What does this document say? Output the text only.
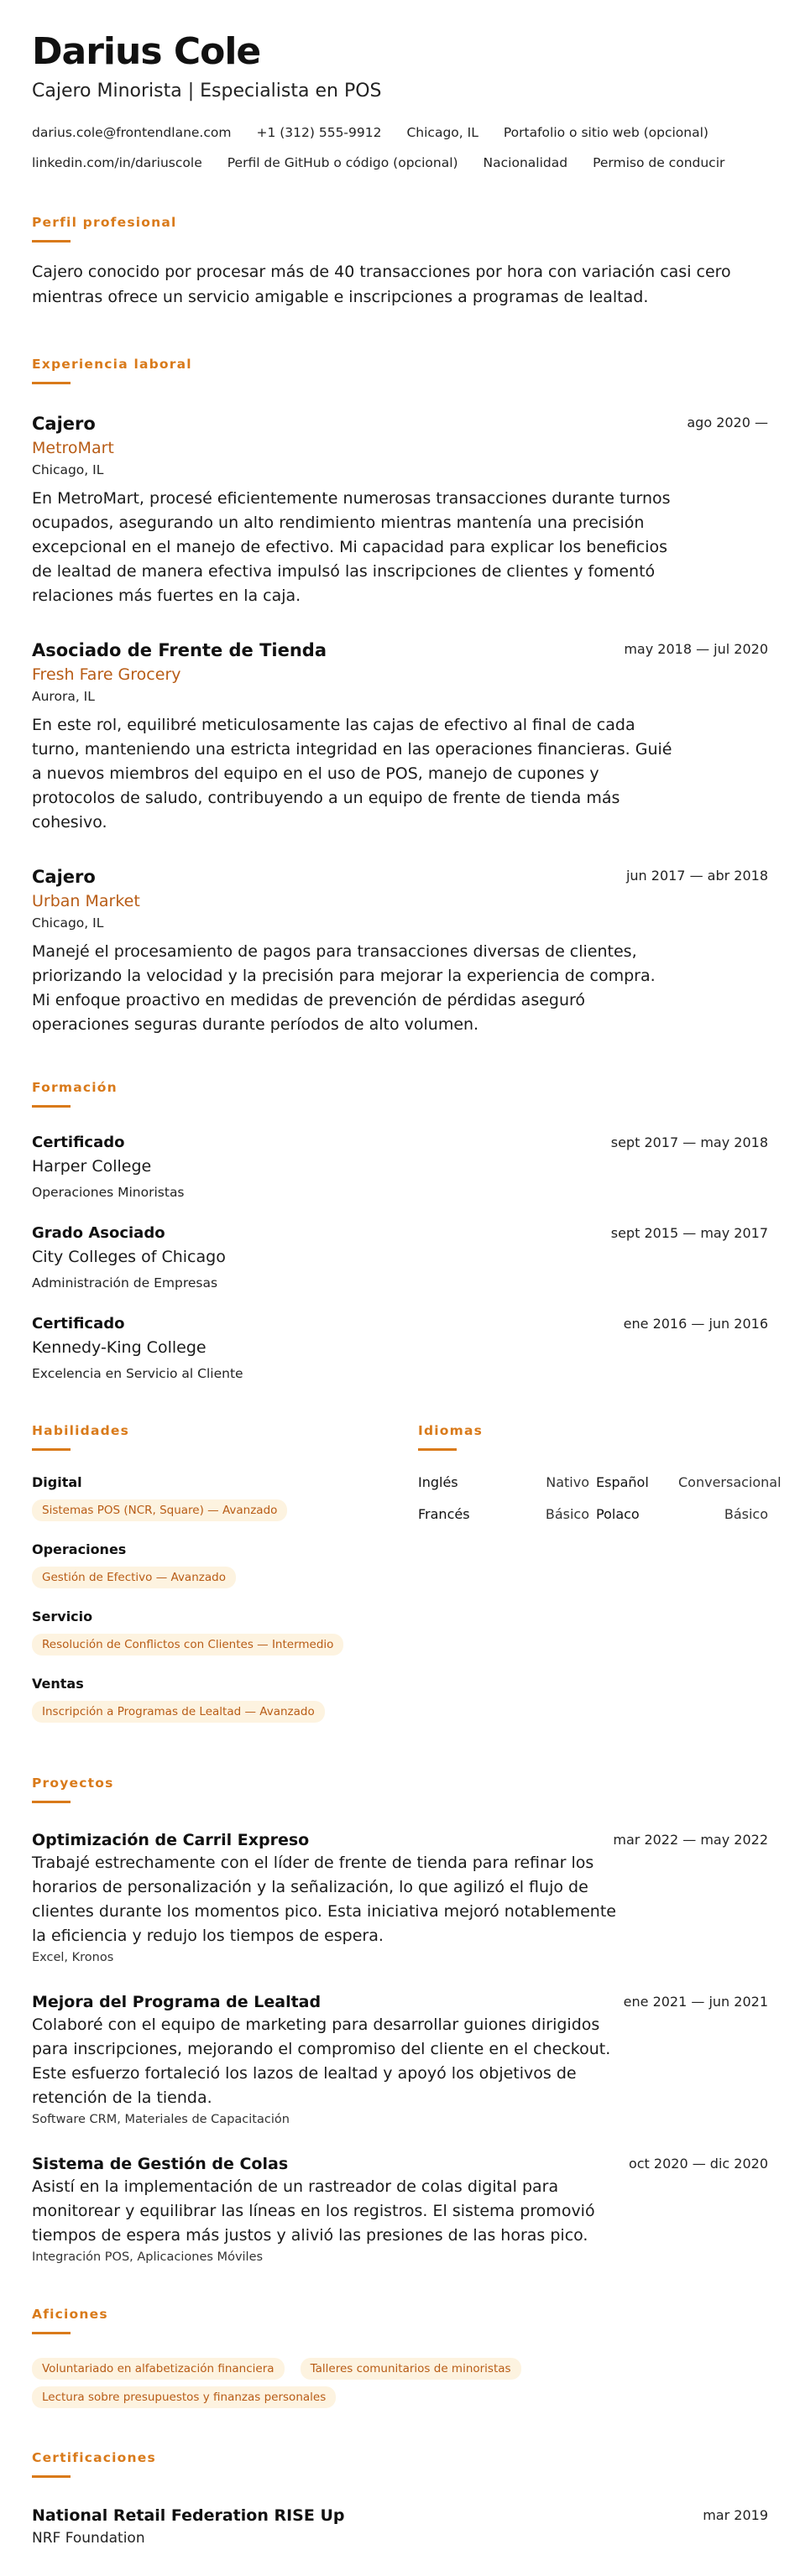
Darius Cole
Cajero Minorista | Especialista en POS
darius.cole@frontendlane.com +1 (312) 555-9912 Chicago, IL Portafolio o sitio web (opcional)
linkedin.com/in/dariuscole Perfil de GitHub o código (opcional) Nacionalidad Permiso de conducir
Perfil profesional
Cajero conocido por procesar más de 40 transacciones por hora con variación casi cero mientras ofrece un servicio amigable e inscripciones a programas de lealtad.
Experiencia laboral
Cajero	ago 2020 —
MetroMart
Chicago, IL
En MetroMart, procesé eficientemente numerosas transacciones durante turnos ocupados, asegurando un alto rendimiento mientras mantenía una precisión excepcional en el manejo de efectivo. Mi capacidad para explicar los beneficios de lealtad de manera efectiva impulsó las inscripciones de clientes y fomentó relaciones más fuertes en la caja.
Asociado de Frente de Tienda	may 2018 — jul 2020
Fresh Fare Grocery
Aurora, IL
En este rol, equilibré meticulosamente las cajas de efectivo al final de cada turno, manteniendo una estricta integridad en las operaciones financieras. Guié a nuevos miembros del equipo en el uso de POS, manejo de cupones y protocolos de saludo, contribuyendo a un equipo de frente de tienda más cohesivo.
Cajero	jun 2017 — abr 2018
Urban Market
Chicago, IL
Manejé el procesamiento de pagos para transacciones diversas de clientes, priorizando la velocidad y la precisión para mejorar la experiencia de compra. Mi enfoque proactivo en medidas de prevención de pérdidas aseguró operaciones seguras durante períodos de alto volumen.
Formación
Certificado	sept 2017 — may 2018
Harper College
Operaciones Minoristas
Grado Asociado	sept 2015 — may 2017
City Colleges of Chicago
Administración de Empresas
Certificado	ene 2016 — jun 2016
Kennedy-King College
Excelencia en Servicio al Cliente
Habilidades
Digital
Sistemas POS (NCR, Square) — Avanzado
Operaciones
Gestión de Efectivo — Avanzado
Servicio
Resolución de Conflictos con Clientes — Intermedio
Ventas
Inscripción a Programas de Lealtad — Avanzado
Idiomas
Inglés	Nativo Español	Conversacional
Francés	Básico Polaco	Básico
Proyectos
Optimización de Carril Expreso	mar 2022 — may 2022
Trabajé estrechamente con el líder de frente de tienda para refinar los horarios de personalización y la señalización, lo que agilizó el flujo de clientes durante los momentos pico. Esta iniciativa mejoró notablemente la eficiencia y redujo los tiempos de espera.
Excel, Kronos
Mejora del Programa de Lealtad	ene 2021 — jun 2021
Colaboré con el equipo de marketing para desarrollar guiones dirigidos para inscripciones, mejorando el compromiso del cliente en el checkout. Este esfuerzo fortaleció los lazos de lealtad y apoyó los objetivos de retención de la tienda.
Software CRM, Materiales de Capacitación
Sistema de Gestión de Colas	oct 2020 — dic 2020
Asistí en la implementación de un rastreador de colas digital para monitorear y equilibrar las líneas en los registros. El sistema promovió tiempos de espera más justos y alivió las presiones de las horas pico.
Integración POS, Aplicaciones Móviles
Aficiones
Voluntariado en alfabetización financiera	Talleres comunitarios de minoristas Lectura sobre presupuestos y finanzas personales
Certificaciones
National Retail Federation RISE Up	mar 2019
NRF Foundation
